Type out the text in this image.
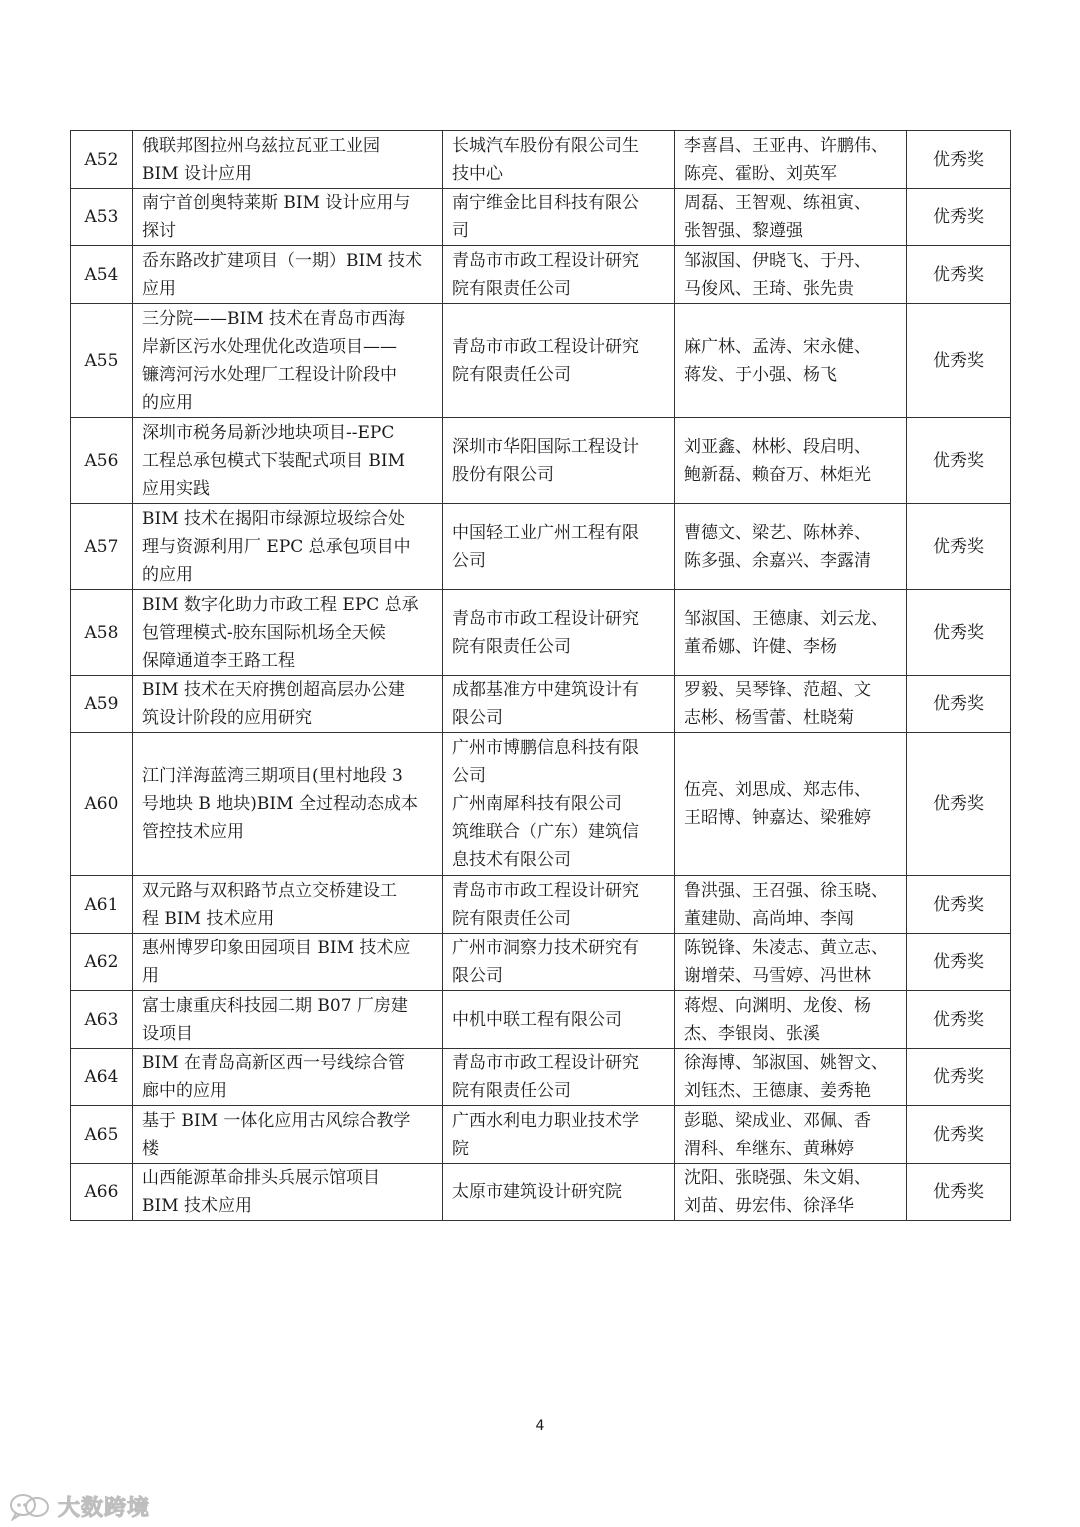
A52	俄联邦图拉州乌兹拉瓦亚工业园
BIM 设计应用	长城汽车股份有限公司生
技中心	李喜昌、王亚冉、许鹏伟、
陈亮、霍盼、刘英军	优秀奖
A53	南宁首创奥特莱斯 BIM 设计应用与
探讨	南宁维金比目科技有限公
司	周磊、王智观、练祖寅、
张智强、黎遵强	优秀奖
A54	岙东路改扩建项目（一期）BIM 技术
应用	青岛市市政工程设计研究
院有限责任公司	邹淑国、伊晓飞、于丹、
马俊风、王琦、张先贵	优秀奖
A55	三分院——BIM 技术在青岛市西海
岸新区污水处理优化改造项目——
镰湾河污水处理厂工程设计阶段中
的应用	青岛市市政工程设计研究
院有限责任公司	麻广林、孟涛、宋永健、
蒋发、于小强、杨飞	优秀奖
A56	深圳市税务局新沙地块项目--EPC
工程总承包模式下装配式项目 BIM
应用实践	深圳市华阳国际工程设计
股份有限公司	刘亚鑫、林彬、段启明、
鲍新磊、赖奋万、林炬光	优秀奖
A57	BIM 技术在揭阳市绿源垃圾综合处
理与资源利用厂 EPC 总承包项目中
的应用	中国轻工业广州工程有限
公司	曹德文、梁艺、陈林养、
陈多强、余嘉兴、李露清	优秀奖
A58	BIM 数字化助力市政工程 EPC 总承
包管理模式-胶东国际机场全天候
保障通道李王路工程	青岛市市政工程设计研究
院有限责任公司	邹淑国、王德康、刘云龙、
董希娜、许健、李杨	优秀奖
A59	BIM 技术在天府携创超高层办公建
筑设计阶段的应用研究	成都基准方中建筑设计有
限公司	罗毅、吴琴锋、范超、文
志彬、杨雪蕾、杜晓菊	优秀奖
A60	江门洋海蓝湾三期项目(里村地段 3
号地块 B 地块)BIM 全过程动态成本
管控技术应用	广州市博鹏信息科技有限
公司
广州南犀科技有限公司
筑维联合（广东）建筑信
息技术有限公司	伍亮、刘思成、郑志伟、
王昭博、钟嘉达、梁雅婷	优秀奖
A61	双元路与双积路节点立交桥建设工
程 BIM 技术应用	青岛市市政工程设计研究
院有限责任公司	鲁洪强、王召强、徐玉晓、
董建勋、高尚坤、李闯	优秀奖
A62	惠州博罗印象田园项目 BIM 技术应
用	广州市洞察力技术研究有
限公司	陈锐锋、朱凌志、黄立志、
谢增荣、马雪婷、冯世林	优秀奖
A63	富士康重庆科技园二期 B07 厂房建
设项目	中机中联工程有限公司	蒋煜、向渊明、龙俊、杨
杰、李银岗、张溪	优秀奖
A64	BIM 在青岛高新区西一号线综合管
廊中的应用	青岛市市政工程设计研究
院有限责任公司	徐海博、邹淑国、姚智文、
刘钰杰、王德康、姜秀艳	优秀奖
A65	基于 BIM 一体化应用古风综合教学
楼	广西水利电力职业技术学
院	彭聪、梁成业、邓佩、香
渭科、牟继东、黄琳婷	优秀奖
A66	山西能源革命排头兵展示馆项目
BIM 技术应用	太原市建筑设计研究院	沈阳、张晓强、朱文娟、
刘苗、毋宏伟、徐泽华	优秀奖
4
大数跨境
